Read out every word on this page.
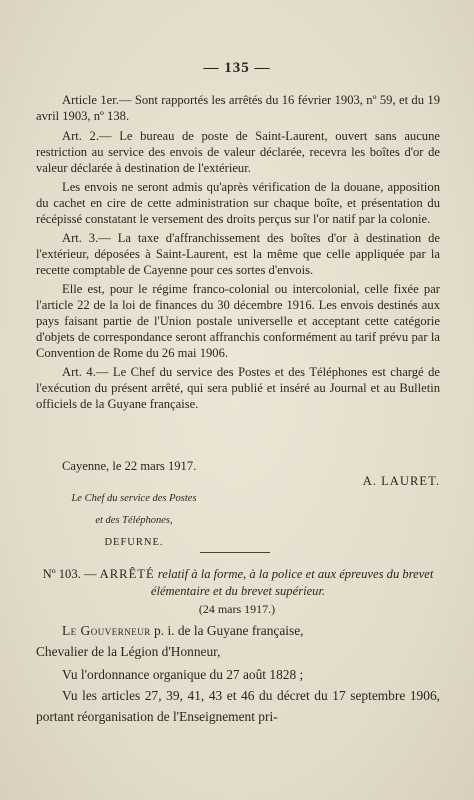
— 135 —

Article 1er.— Sont rapportés les arrêtés du 16 février 1903, nº 59, et du 19 avril 1903, nº 138.

Art. 2.— Le bureau de poste de Saint-Laurent, ouvert sans aucune restriction au service des envois de valeur déclarée, recevra les boîtes d'or de valeur déclarée à destination de l'extérieur.

Les envois ne seront admis qu'après vérification de la douane, apposition du cachet en cire de cette administration sur chaque boîte, et présentation du récépissé constatant le versement des droits perçus sur l'or natif par la colonie.

Art. 3.— La taxe d'affranchissement des boîtes d'or à destination de l'extérieur, déposées à Saint-Laurent, est la même que celle appliquée par la recette comptable de Cayenne pour ces sortes d'envois.

Elle est, pour le régime franco-colonial ou intercolonial, celle fixée par l'article 22 de la loi de finances du 30 décembre 1916. Les envois destinés aux pays faisant partie de l'Union postale universelle et acceptant cette catégorie d'objets de correspondance seront affranchis conformément au tarif prévu par la Convention de Rome du 26 mai 1906.

Art. 4.— Le Chef du service des Postes et des Téléphones est chargé de l'exécution du présent arrêté, qui sera publié et inséré au Journal et au Bulletin officiels de la Guyane française.

Cayenne, le 22 mars 1917.
A. LAURET.
Le Chef du service des Postes
et des Téléphones,
DEFURNE.
Nº 103. — ARRÊTÉ relatif à la forme, à la police et aux épreuves du brevet élémentaire et du brevet supérieur.
(24 mars 1917.)

Le Gouverneur p. i. de la Guyane française,

Chevalier de la Légion d'Honneur,

Vu l'ordonnance organique du 27 août 1828 ;

Vu les articles 27, 39, 41, 43 et 46 du décret du 17 septembre 1906, portant réorganisation de l'Enseignement pri-
